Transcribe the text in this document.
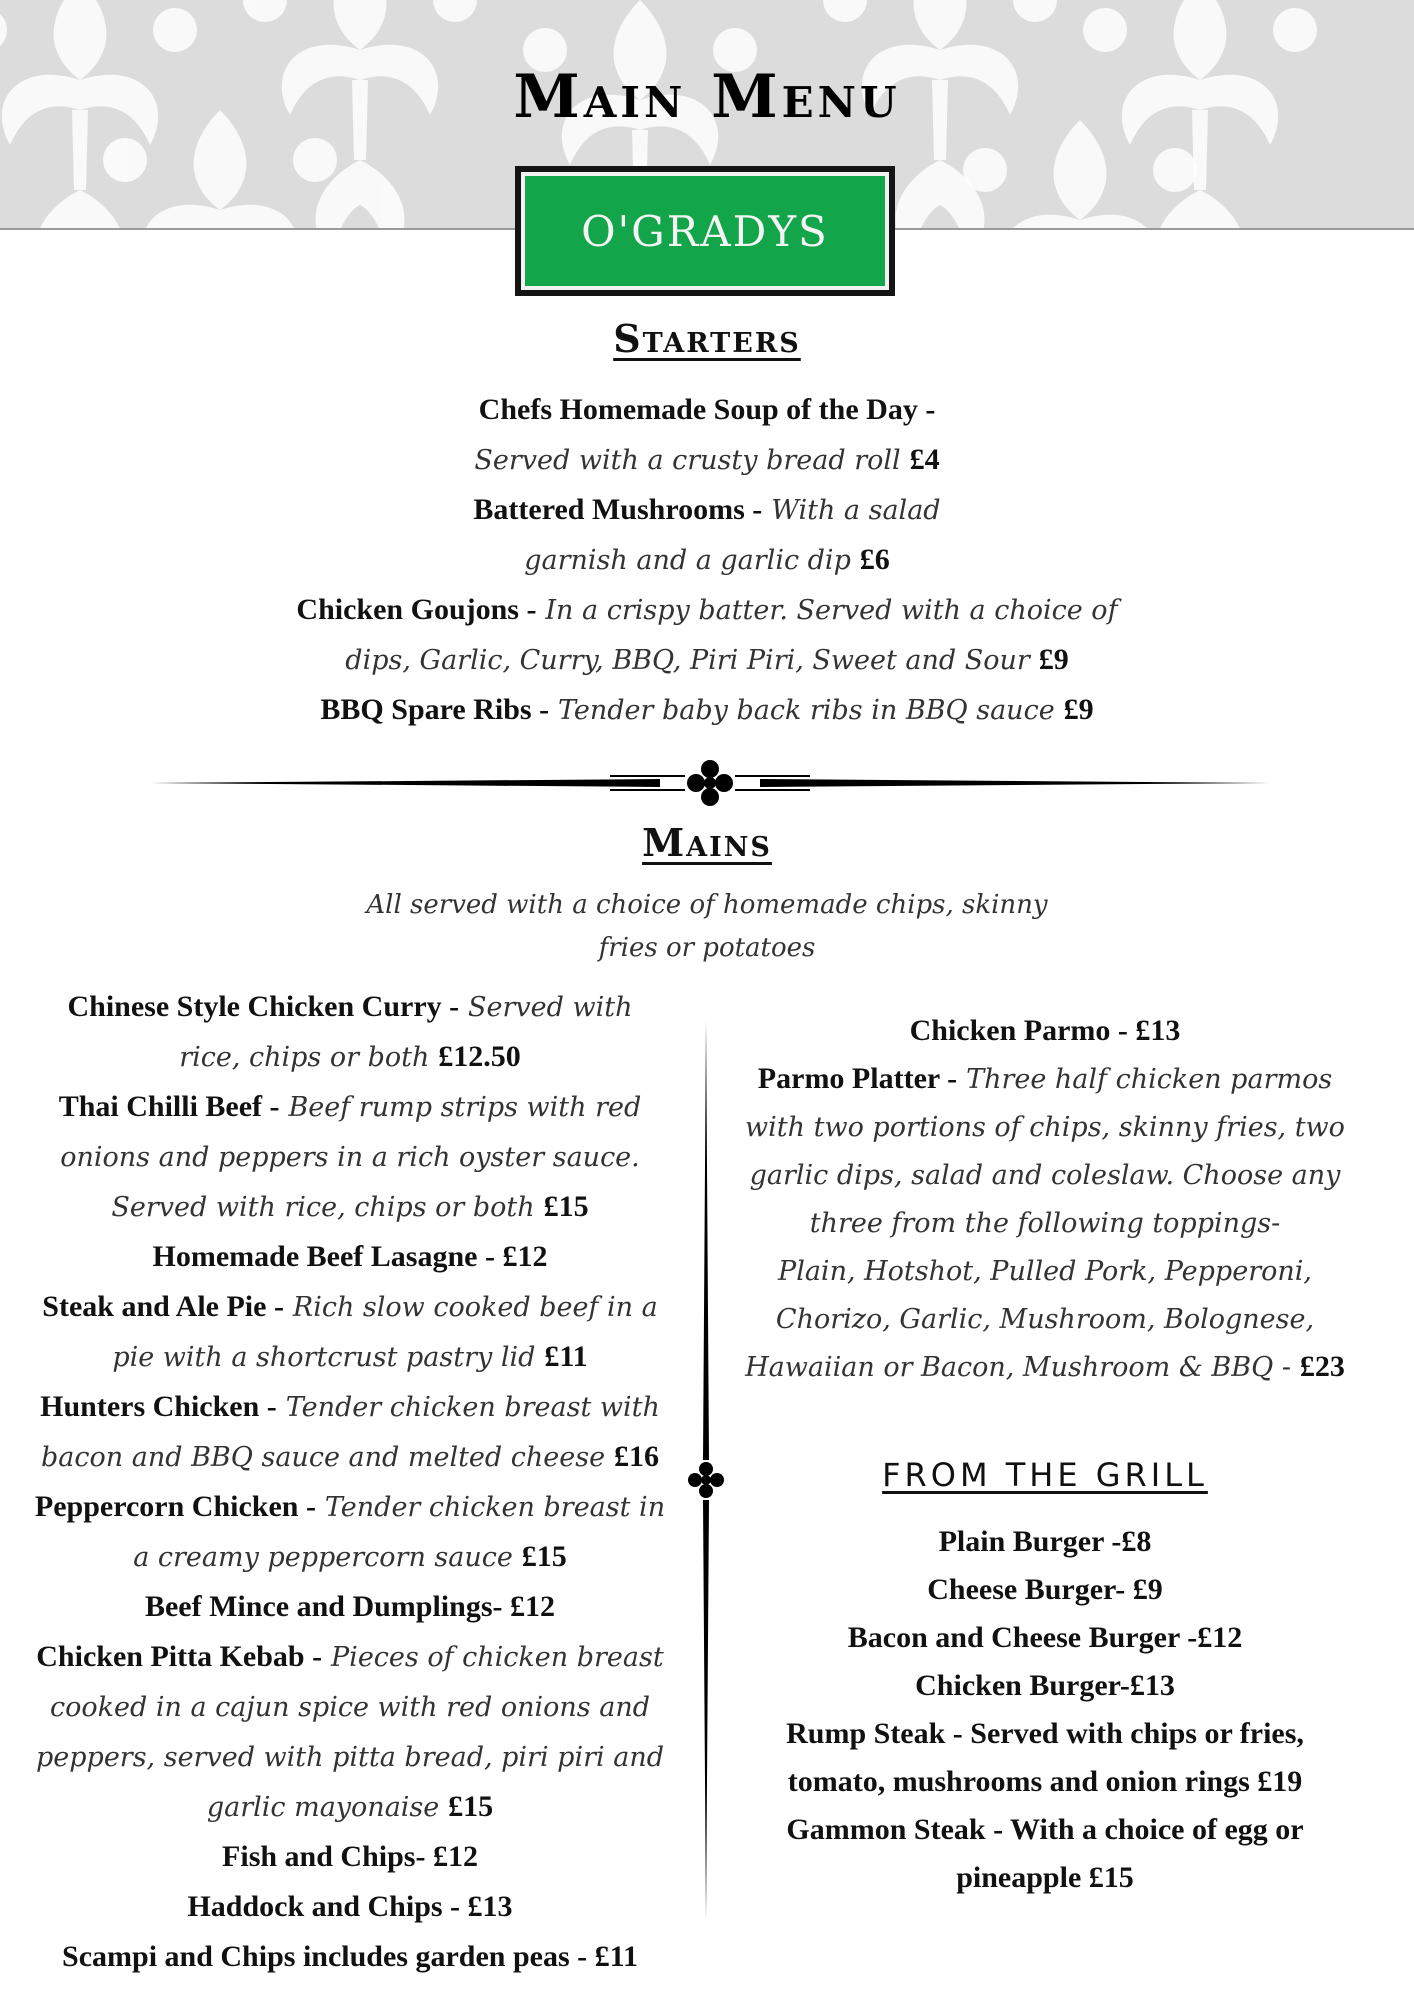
Main Menu
O'GRADYS
Starters
Chefs Homemade Soup of the Day -
Served with a crusty bread roll £4
Battered Mushrooms - With a salad
garnish and a garlic dip £6
Chicken Goujons - In a crispy batter. Served with a choice of
dips, Garlic, Curry, BBQ, Piri Piri, Sweet and Sour £9
BBQ Spare Ribs - Tender baby back ribs in BBQ sauce £9
Mains
All served with a choice of homemade chips, skinny
fries or potatoes
Chinese Style Chicken Curry - Served with
rice, chips or both £12.50
Thai Chilli Beef - Beef rump strips with red
onions and peppers in a rich oyster sauce.
Served with rice, chips or both £15
Homemade Beef Lasagne - £12
Steak and Ale Pie - Rich slow cooked beef in a
pie with a shortcrust pastry lid £11
Hunters Chicken - Tender chicken breast with
bacon and BBQ sauce and melted cheese £16
Peppercorn Chicken - Tender chicken breast in
a creamy peppercorn sauce £15
Beef Mince and Dumplings- £12
Chicken Pitta Kebab - Pieces of chicken breast
cooked in a cajun spice with red onions and
peppers, served with pitta bread, piri piri and
garlic mayonaise £15
Fish and Chips- £12
Haddock and Chips - £13
Scampi and Chips includes garden peas - £11
Chicken Parmo - £13
Parmo Platter - Three half chicken parmos
with two portions of chips, skinny fries, two
garlic dips, salad and coleslaw. Choose any
three from the following toppings-
Plain, Hotshot, Pulled Pork, Pepperoni,
Chorizo, Garlic, Mushroom, Bolognese,
Hawaiian or Bacon, Mushroom & BBQ - £23
FROM THE GRILL
Plain Burger -£8
Cheese Burger- £9
Bacon and Cheese Burger -£12
Chicken Burger-£13
Rump Steak - Served with chips or fries,
tomato, mushrooms and onion rings £19
Gammon Steak - With a choice of egg or
pineapple £15
